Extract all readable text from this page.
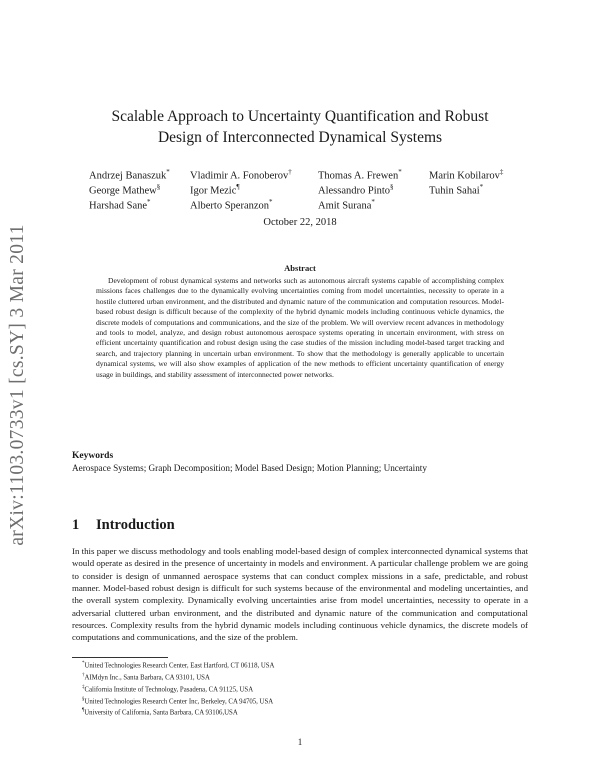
arXiv:1103.0733v1 [cs.SY] 3 Mar 2011
Scalable Approach to Uncertainty Quantification and Robust
Design of Interconnected Dynamical Systems
Andrzej Banaszuk* Vladimir A. Fonoberov† Thomas A. Frewen*	Marin Kobilarov‡
George Mathew§	Igor Mezic¶	Alessandro Pinto§	Tuhin Sahai*
Harshad Sane*	Alberto Speranzon*	Amit Surana*
October 22, 2018
Abstract

Development of robust dynamical systems and networks such as autonomous aircraft systems capable of accomplishing complex missions faces challenges due to the dynamically evolving uncertainties coming from model uncertainties, necessity to operate in a hostile cluttered urban environment, and the distributed and dynamic nature of the communication and computation resources. Model-based robust design is difficult because of the complexity of the hybrid dynamic models including continuous vehicle dynamics, the discrete models of computations and communications, and the size of the problem. We will overview recent advances in methodology and tools to model, analyze, and design robust autonomous aerospace systems operating in uncertain environment, with stress on efficient uncertainty quantification and robust design using the case studies of the mission including model-based target tracking and search, and trajectory planning in uncertain urban environment. To show that the methodology is generally applicable to uncertain dynamical systems, we will also show examples of application of the new methods to efficient uncertainty quantification of energy usage in buildings, and stability assessment of interconnected power networks.

Keywords
Aerospace Systems; Graph Decomposition; Model Based Design; Motion Planning; Uncertainty
1 Introduction

In this paper we discuss methodology and tools enabling model-based design of complex interconnected dynamical systems that would operate as desired in the presence of uncertainty in models and environment. A particular challenge problem we are going to consider is design of unmanned aerospace systems that can conduct complex missions in a safe, predictable, and robust manner. Model-based robust design is difficult for such systems because of the environmental and modeling uncertainties, and the overall system complexity. Dynamically evolving uncertainties arise from model uncertainties, necessity to operate in a adversarial cluttered urban environment, and the distributed and dynamic nature of the communication and computational resources. Complexity results from the hybrid dynamic models including continuous vehicle dynamics, the discrete models of computations and communications, and the size of the problem.

*United Technologies Research Center, East Hartford, CT 06118, USA
†AIMdyn Inc., Santa Barbara, CA 93101, USA
‡California Institute of Technology, Pasadena, CA 91125, USA
§United Technologies Research Center Inc, Berkeley, CA 94705, USA
¶University of California, Santa Barbara, CA 93106,USA
1
